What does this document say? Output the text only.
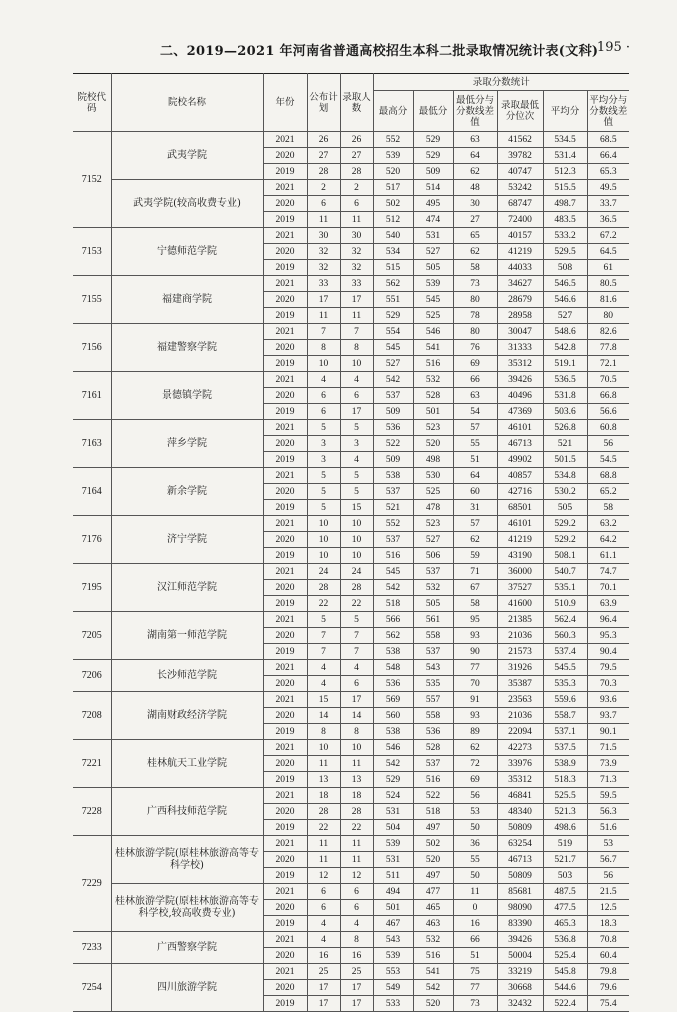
二、2019—2021 年河南省普通高校招生本科二批录取情况统计表(文科)
· 195 ·
院校代码	院校名称	年份	公布计划	录取人数	录取分数统计					
					最高分	最低分	最低分与分数线差值	录取最低分位次	平均分	平均分与分数线差值
7152	武夷学院	2021	26	26	552	529	63	41562	534.5	68.5
		2020	27	27	539	529	64	39782	531.4	66.4
		2019	28	28	520	509	62	40747	512.3	65.3
	武夷学院(较高收费专业)	2021	2	2	517	514	48	53242	515.5	49.5
		2020	6	6	502	495	30	68747	498.7	33.7
		2019	11	11	512	474	27	72400	483.5	36.5
7153	宁德师范学院	2021	30	30	540	531	65	40157	533.2	67.2
		2020	32	32	534	527	62	41219	529.5	64.5
		2019	32	32	515	505	58	44033	508	61
7155	福建商学院	2021	33	33	562	539	73	34627	546.5	80.5
		2020	17	17	551	545	80	28679	546.6	81.6
		2019	11	11	529	525	78	28958	527	80
7156	福建警察学院	2021	7	7	554	546	80	30047	548.6	82.6
		2020	8	8	545	541	76	31333	542.8	77.8
		2019	10	10	527	516	69	35312	519.1	72.1
7161	景德镇学院	2021	4	4	542	532	66	39426	536.5	70.5
		2020	6	6	537	528	63	40496	531.8	66.8
		2019	6	17	509	501	54	47369	503.6	56.6
7163	萍乡学院	2021	5	5	536	523	57	46101	526.8	60.8
		2020	3	3	522	520	55	46713	521	56
		2019	3	4	509	498	51	49902	501.5	54.5
7164	新余学院	2021	5	5	538	530	64	40857	534.8	68.8
		2020	5	5	537	525	60	42716	530.2	65.2
		2019	5	15	521	478	31	68501	505	58
7176	济宁学院	2021	10	10	552	523	57	46101	529.2	63.2
		2020	10	10	537	527	62	41219	529.2	64.2
		2019	10	10	516	506	59	43190	508.1	61.1
7195	汉江师范学院	2021	24	24	545	537	71	36000	540.7	74.7
		2020	28	28	542	532	67	37527	535.1	70.1
		2019	22	22	518	505	58	41600	510.9	63.9
7205	湖南第一师范学院	2021	5	5	566	561	95	21385	562.4	96.4
		2020	7	7	562	558	93	21036	560.3	95.3
		2019	7	7	538	537	90	21573	537.4	90.4
7206	长沙师范学院	2021	4	4	548	543	77	31926	545.5	79.5
		2020	4	6	536	535	70	35387	535.3	70.3
7208	湖南财政经济学院	2021	15	17	569	557	91	23563	559.6	93.6
		2020	14	14	560	558	93	21036	558.7	93.7
		2019	8	8	538	536	89	22094	537.1	90.1
7221	桂林航天工业学院	2021	10	10	546	528	62	42273	537.5	71.5
		2020	11	11	542	537	72	33976	538.9	73.9
		2019	13	13	529	516	69	35312	518.3	71.3
7228	广西科技师范学院	2021	18	18	524	522	56	46841	525.5	59.5
		2020	28	28	531	518	53	48340	521.3	56.3
		2019	22	22	504	497	50	50809	498.6	51.6
7229	桂林旅游学院(原桂林旅游高等专科学校)	2021	11	11	539	502	36	63254	519	53
		2020	11	11	531	520	55	46713	521.7	56.7
		2019	12	12	511	497	50	50809	503	56
	桂林旅游学院(原桂林旅游高等专科学校,较高收费专业)	2021	6	6	494	477	11	85681	487.5	21.5
		2020	6	6	501	465	0	98090	477.5	12.5
		2019	4	4	467	463	16	83390	465.3	18.3
7233	广西警察学院	2021	4	8	543	532	66	39426	536.8	70.8
		2020	16	16	539	516	51	50004	525.4	60.4
7254	四川旅游学院	2021	25	25	553	541	75	33219	545.8	79.8
		2020	17	17	549	542	77	30668	544.6	79.6
		2019	17	17	533	520	73	32432	522.4	75.4
